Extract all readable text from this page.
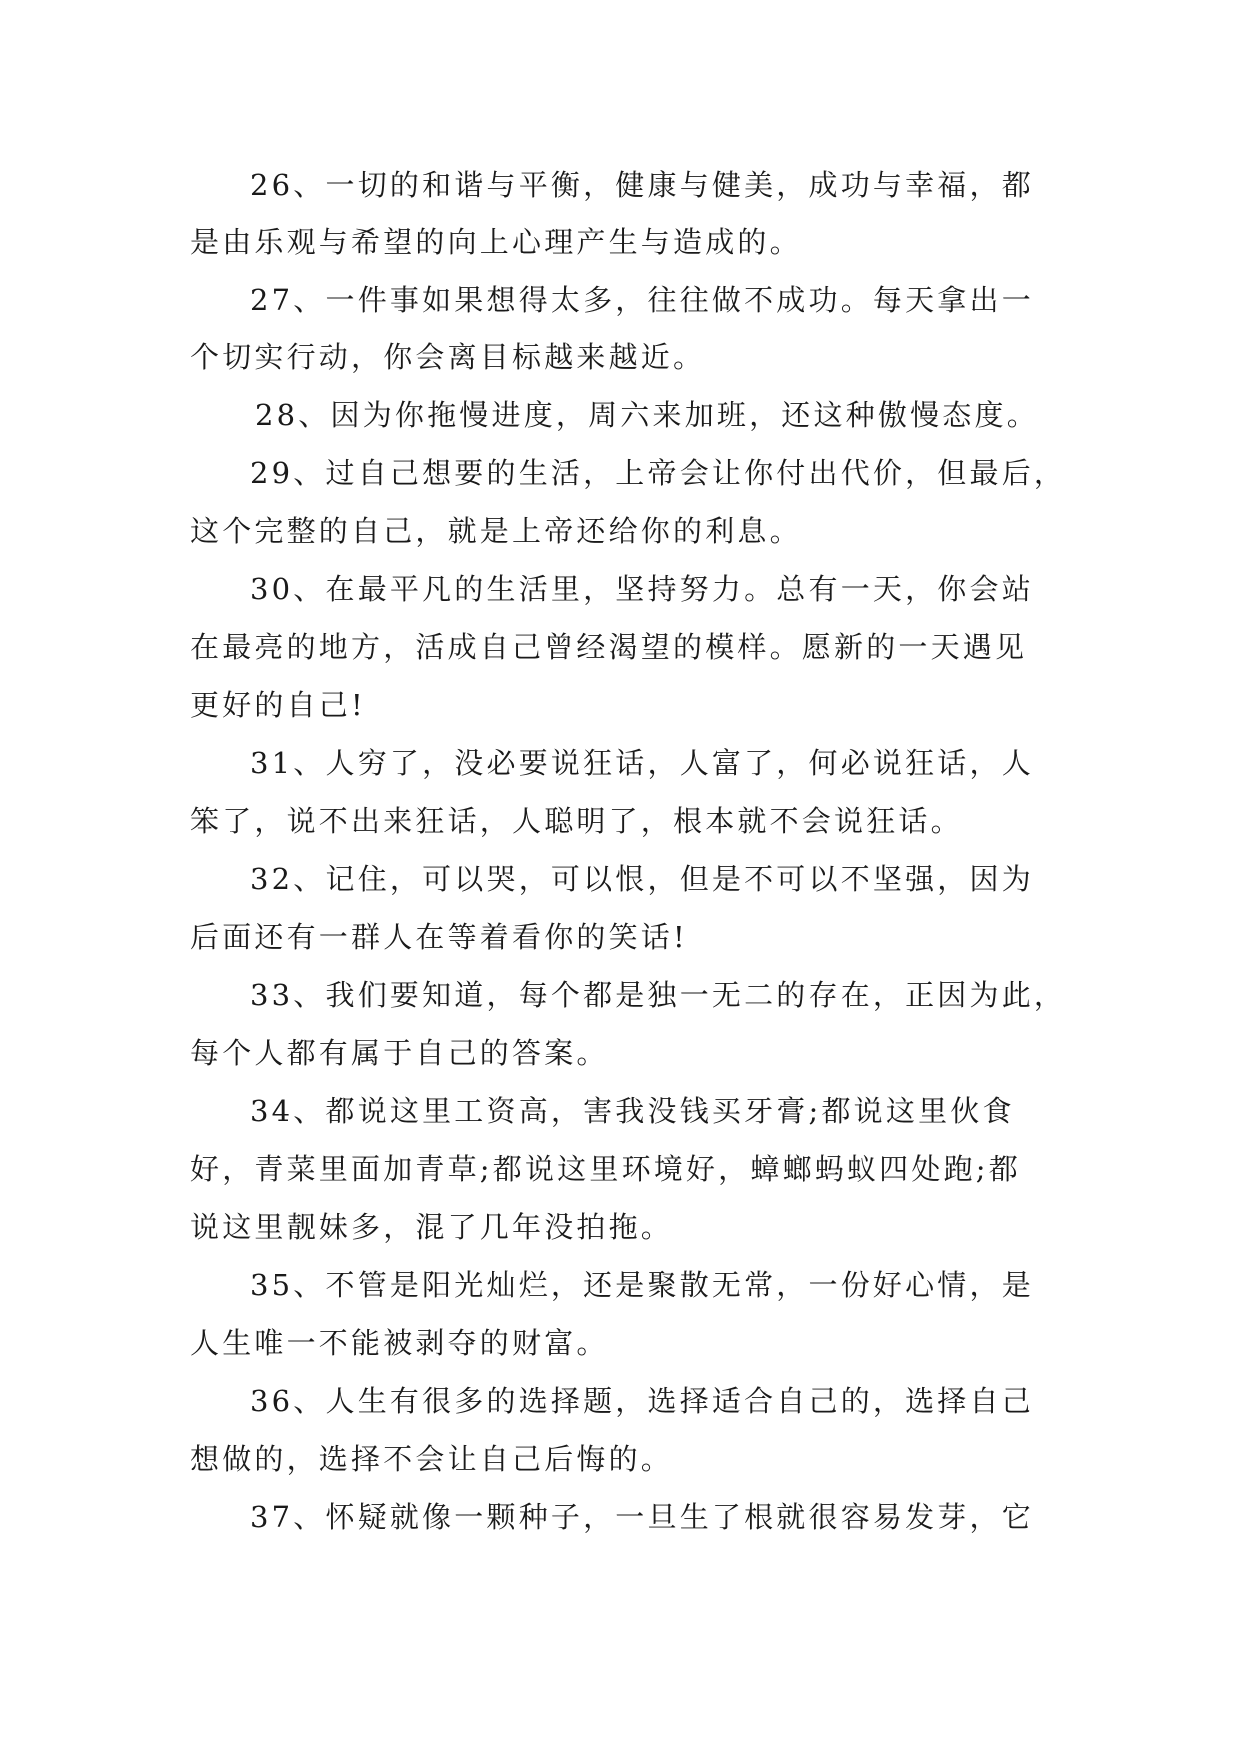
26、一切的和谐与平衡，健康与健美，成功与幸福，都

是由乐观与希望的向上心理产生与造成的。

27、一件事如果想得太多，往往做不成功。每天拿出一

个切实行动，你会离目标越来越近。

28、因为你拖慢进度，周六来加班，还这种傲慢态度。

29、过自己想要的生活，上帝会让你付出代价，但最后，

这个完整的自己，就是上帝还给你的利息。

30、在最平凡的生活里，坚持努力。总有一天，你会站

在最亮的地方，活成自己曾经渴望的模样。愿新的一天遇见

更好的自己!

31、人穷了，没必要说狂话，人富了，何必说狂话，人

笨了，说不出来狂话，人聪明了，根本就不会说狂话。

32、记住，可以哭，可以恨，但是不可以不坚强，因为

后面还有一群人在等着看你的笑话!

33、我们要知道，每个都是独一无二的存在，正因为此，

每个人都有属于自己的答案。

34、都说这里工资高，害我没钱买牙膏;都说这里伙食

好，青菜里面加青草;都说这里环境好，蟑螂蚂蚁四处跑;都

说这里靓妹多，混了几年没拍拖。

35、不管是阳光灿烂，还是聚散无常，一份好心情，是

人生唯一不能被剥夺的财富。

36、人生有很多的选择题，选择适合自己的，选择自己

想做的，选择不会让自己后悔的。

37、怀疑就像一颗种子，一旦生了根就很容易发芽，它
